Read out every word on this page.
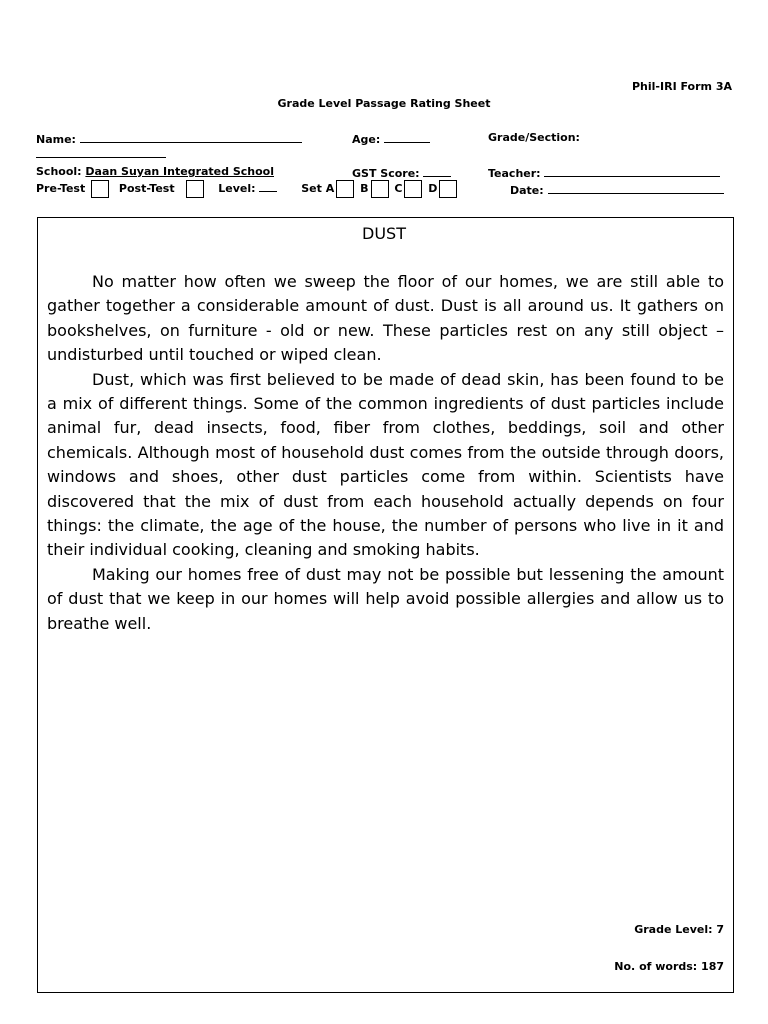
Phil-IRI Form 3A
Grade Level Passage Rating Sheet
Name:	Age:	Grade/Section:
School: Daan Suyan Integrated School	GST Score:	Teacher:
Pre-Test	Post-Test	Level:	Set A B C D	Date:
DUST

No matter how often we sweep the floor of our homes, we are still able to gather together a considerable amount of dust. Dust is all around us. It gathers on bookshelves, on furniture - old or new. These particles rest on any still object – undisturbed until touched or wiped clean.

Dust, which was first believed to be made of dead skin, has been found to be a mix of different things. Some of the common ingredients of dust particles include animal fur, dead insects, food, fiber from clothes, beddings, soil and other chemicals. Although most of household dust comes from the outside through doors, windows and shoes, other dust particles come from within. Scientists have discovered that the mix of dust from each household actually depends on four things: the climate, the age of the house, the number of persons who live in it and their individual cooking, cleaning and smoking habits.

Making our homes free of dust may not be possible but lessening the amount of dust that we keep in our homes will help avoid possible allergies and allow us to breathe well.

Grade Level: 7
No. of words: 187
